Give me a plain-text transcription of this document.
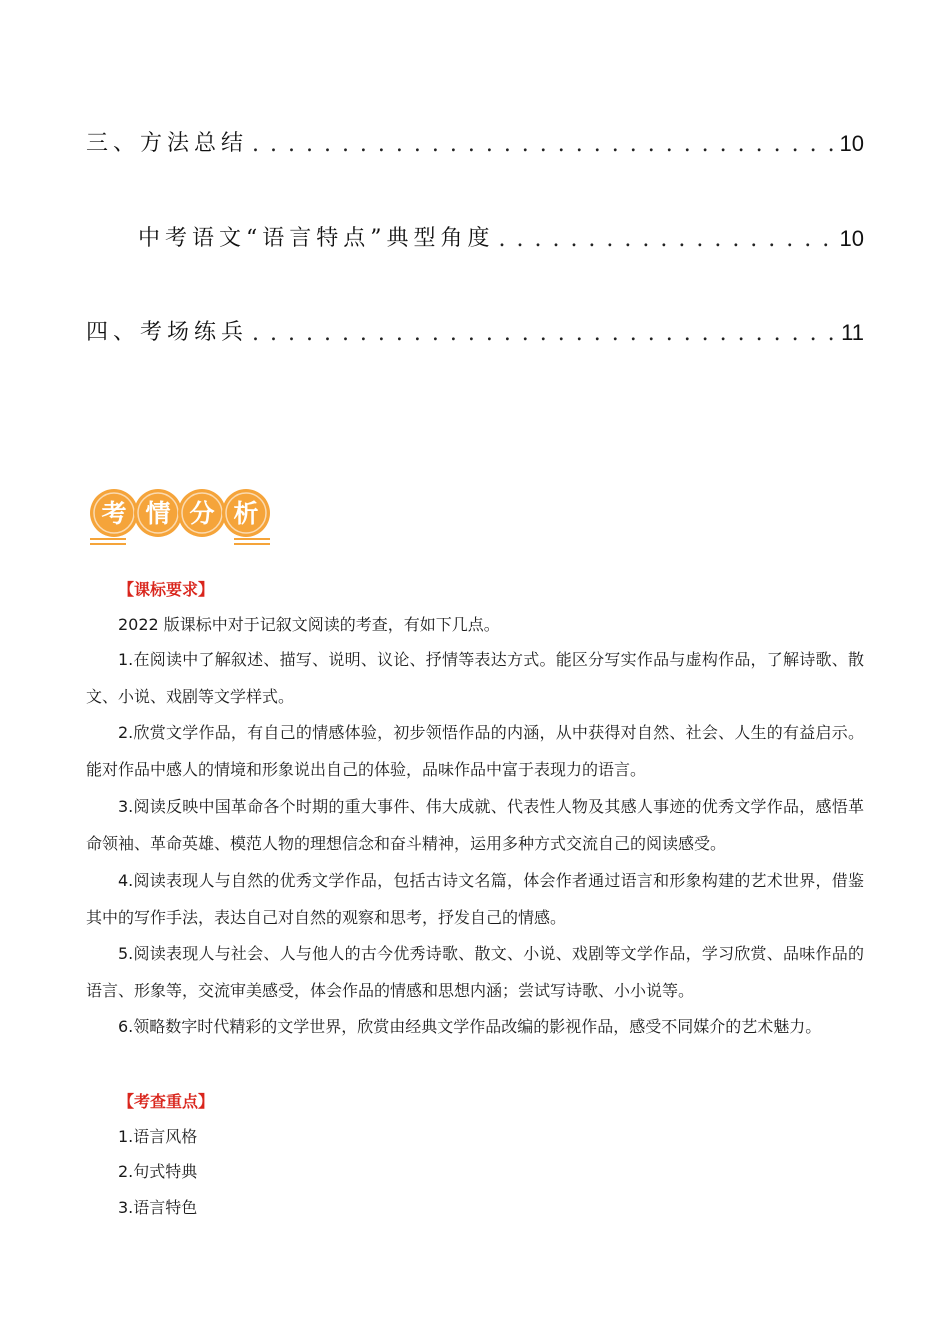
三、方法总结 . . .	10
中考语文“语言特点”典型角度 . . .	10
四、考场练兵 . . .	11
考 情 分 析
【课标要求】
2022 版课标中对于记叙文阅读的考查，有如下几点。
1.在阅读中了解叙述、描写、说明、议论、抒情等表达方式。能区分写实作品与虚构作品，了解诗歌、散文、小说、戏剧等文学样式。
2.欣赏文学作品，有自己的情感体验，初步领悟作品的内涵，从中获得对自然、社会、人生的有益启示。能对作品中感人的情境和形象说出自己的体验，品味作品中富于表现力的语言。
3.阅读反映中国革命各个时期的重大事件、伟大成就、代表性人物及其感人事迹的优秀文学作品，感悟革命领袖、革命英雄、模范人物的理想信念和奋斗精神，运用多种方式交流自己的阅读感受。
4.阅读表现人与自然的优秀文学作品，包括古诗文名篇，体会作者通过语言和形象构建的艺术世界，借鉴其中的写作手法，表达自己对自然的观察和思考，抒发自己的情感。
5.阅读表现人与社会、人与他人的古今优秀诗歌、散文、小说、戏剧等文学作品，学习欣赏、品味作品的语言、形象等，交流审美感受，体会作品的情感和思想内涵；尝试写诗歌、小小说等。
6.领略数字时代精彩的文学世界，欣赏由经典文学作品改编的影视作品，感受不同媒介的艺术魅力。
【考查重点】
1.语言风格
2.句式特典
3.语言特色
